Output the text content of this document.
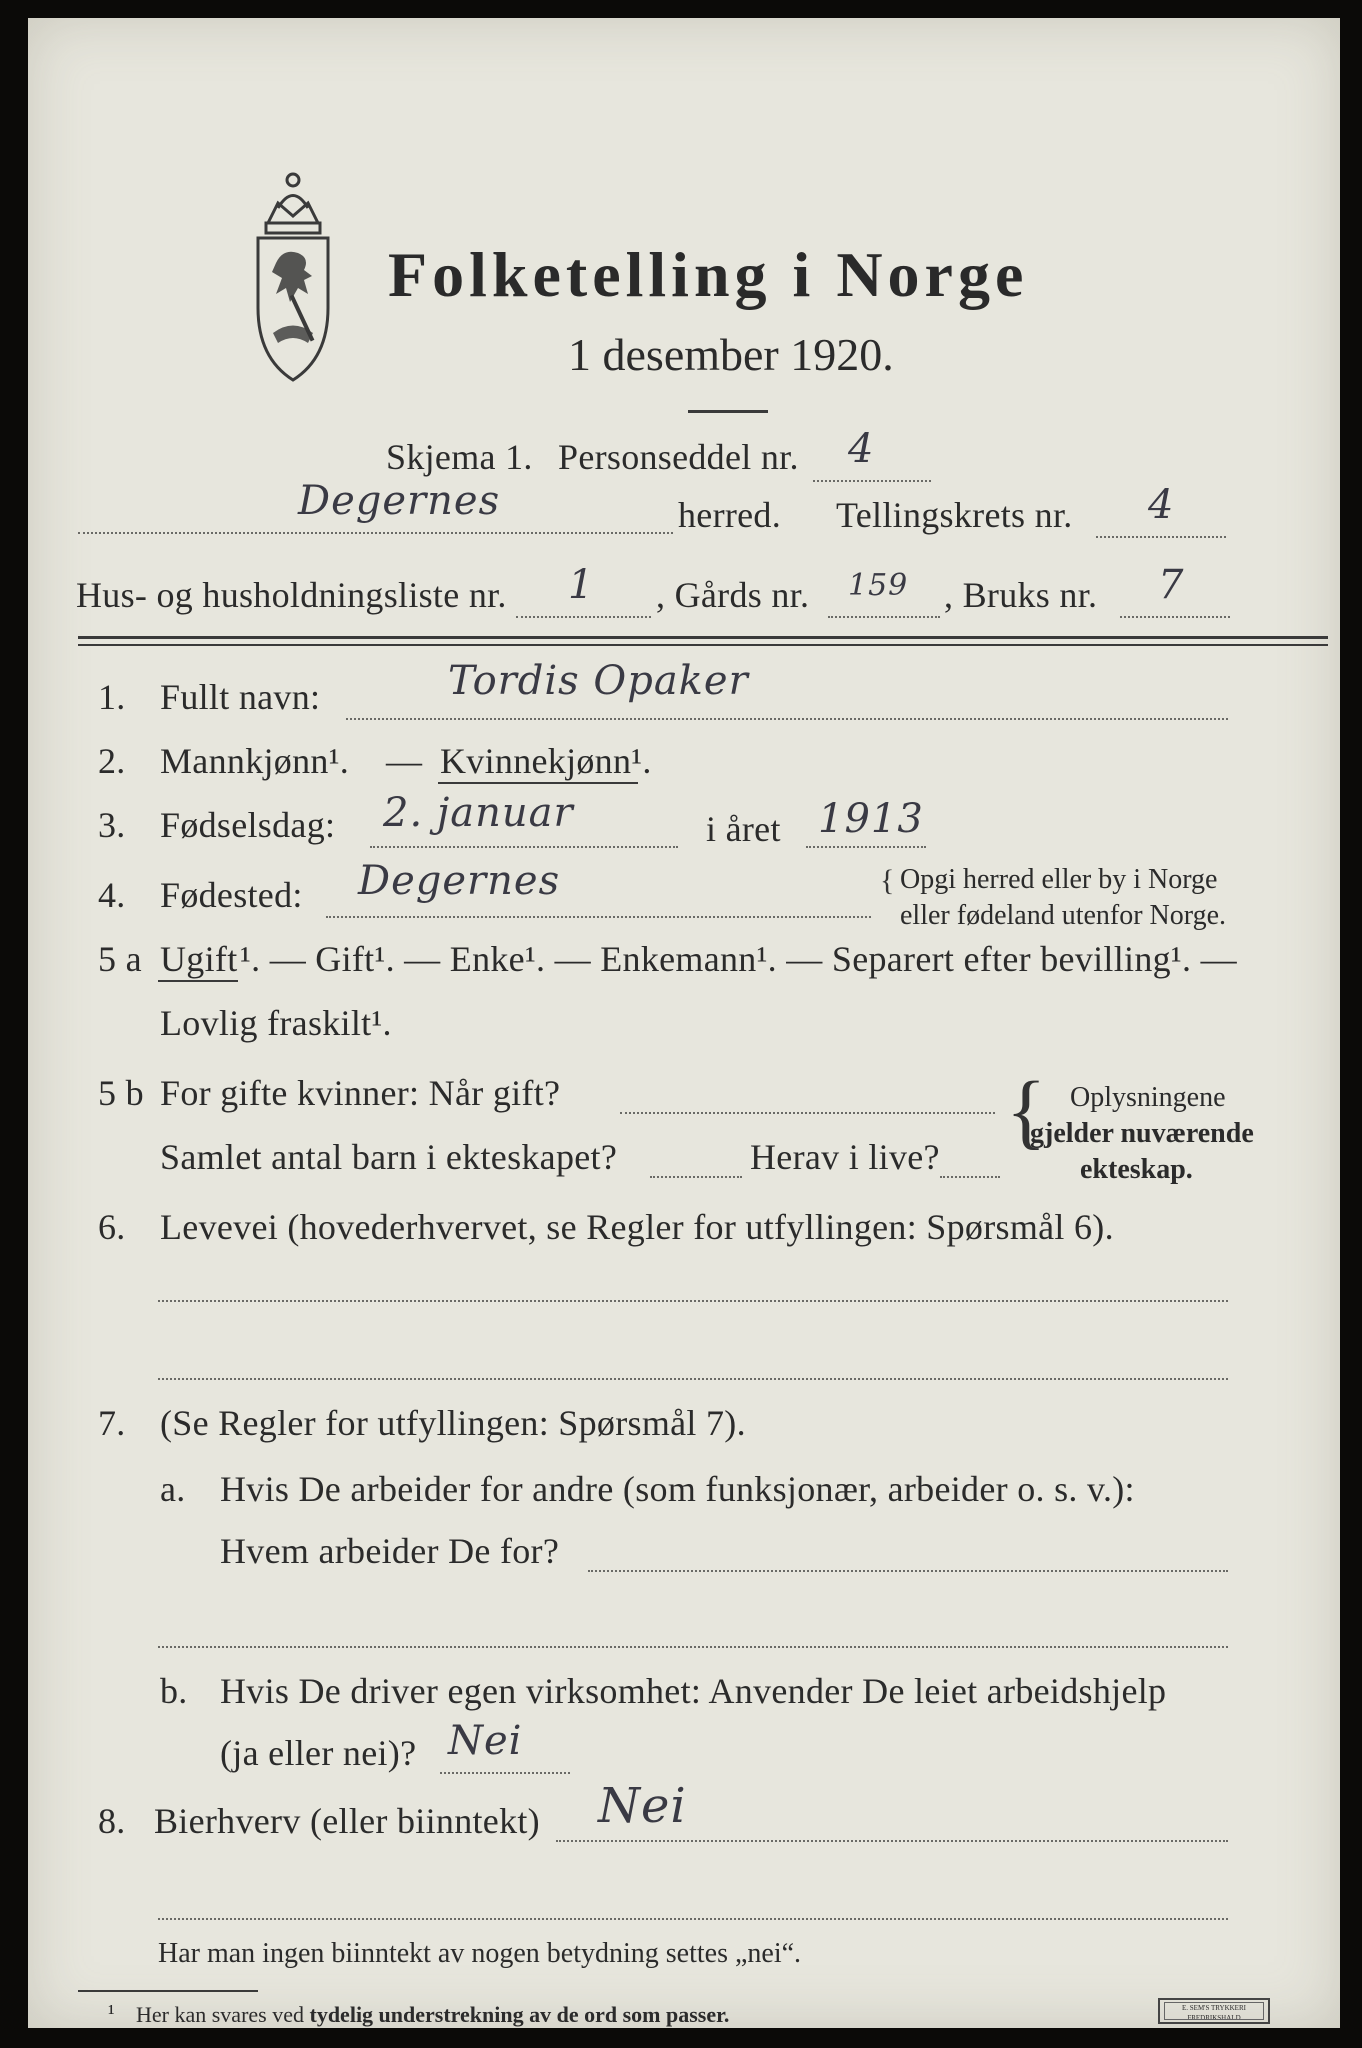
Folketelling i Norge
1 desember 1920.
Skjema 1. Personseddel nr. 4
Degernes	herred. Tellingskrets nr. 4
Hus- og husholdningsliste nr. 1 , Gårds nr. 159 , Bruks nr. 7
1. Fullt navn:	Tordis Opaker
2. Mannkjønn¹. — Kvinnekjønn¹.
3. Fødselsdag: 2. januar	i året 1913
4. Fødested: Degernes	{ Opgi herred eller by i Norge
eller fødeland utenfor Norge.
5 a Ugift ¹. — Gift¹. — Enke¹. — Enkemann¹. — Separert efter bevilling¹. —
Lovlig fraskilt¹.
5 b For gifte kvinner: Når gift?
Samlet antal barn i ekteskapet?	Herav i live? { Oplysningene
gjelder nuværende
ekteskap.
6. Levevei (hovederhvervet, se Regler for utfyllingen: Spørsmål 6).
7. (Se Regler for utfyllingen: Spørsmål 7).
a. Hvis De arbeider for andre (som funksjonær, arbeider o. s. v.):
Hvem arbeider De for?
b. Hvis De driver egen virksomhet: Anvender De leiet arbeidshjelp
(ja eller nei)? Nei
8. Bierhverv (eller biinntekt) Nei
Har man ingen biinntekt av nogen betydning settes „nei“.
¹ Her kan svares ved tydelig understrekning av de ord som passer.	E. SEM'S TRYKKERI FREDRIKSHALD
